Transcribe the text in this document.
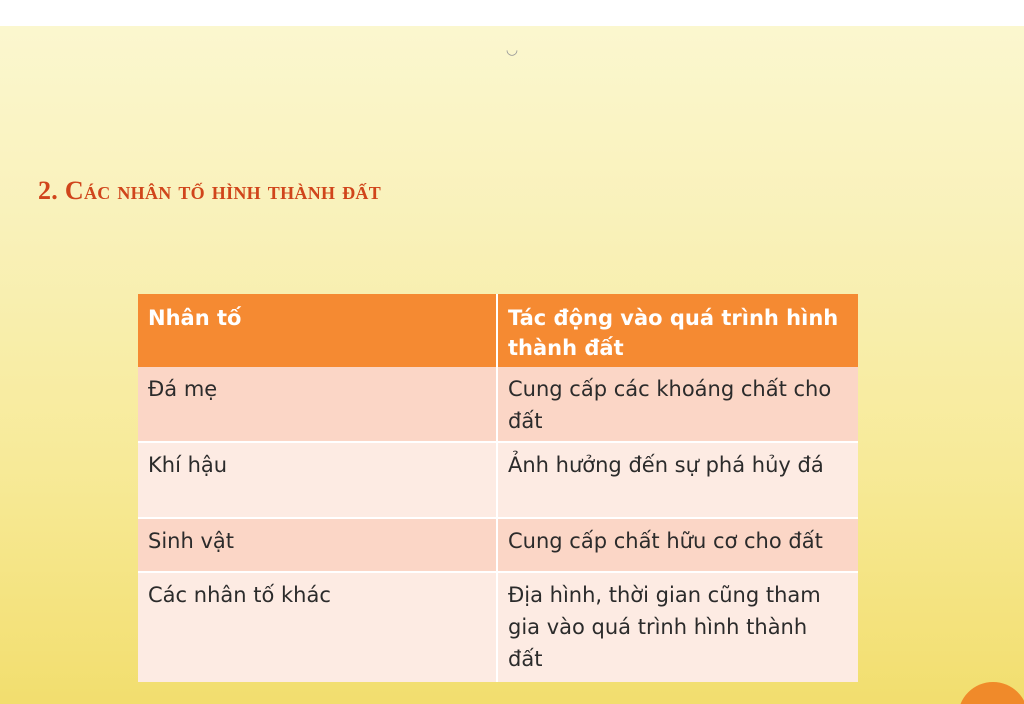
◡
2. Các nhân tố hình thành đất
Nhân tố	Tác động vào quá trình hình thành đất
Đá mẹ	Cung cấp các khoáng chất cho đất
Khí hậu	Ảnh hưởng đến sự phá hủy đá
Sinh vật	Cung cấp chất hữu cơ cho đất
Các nhân tố khác	Địa hình, thời gian cũng tham gia vào quá trình hình thành đất
